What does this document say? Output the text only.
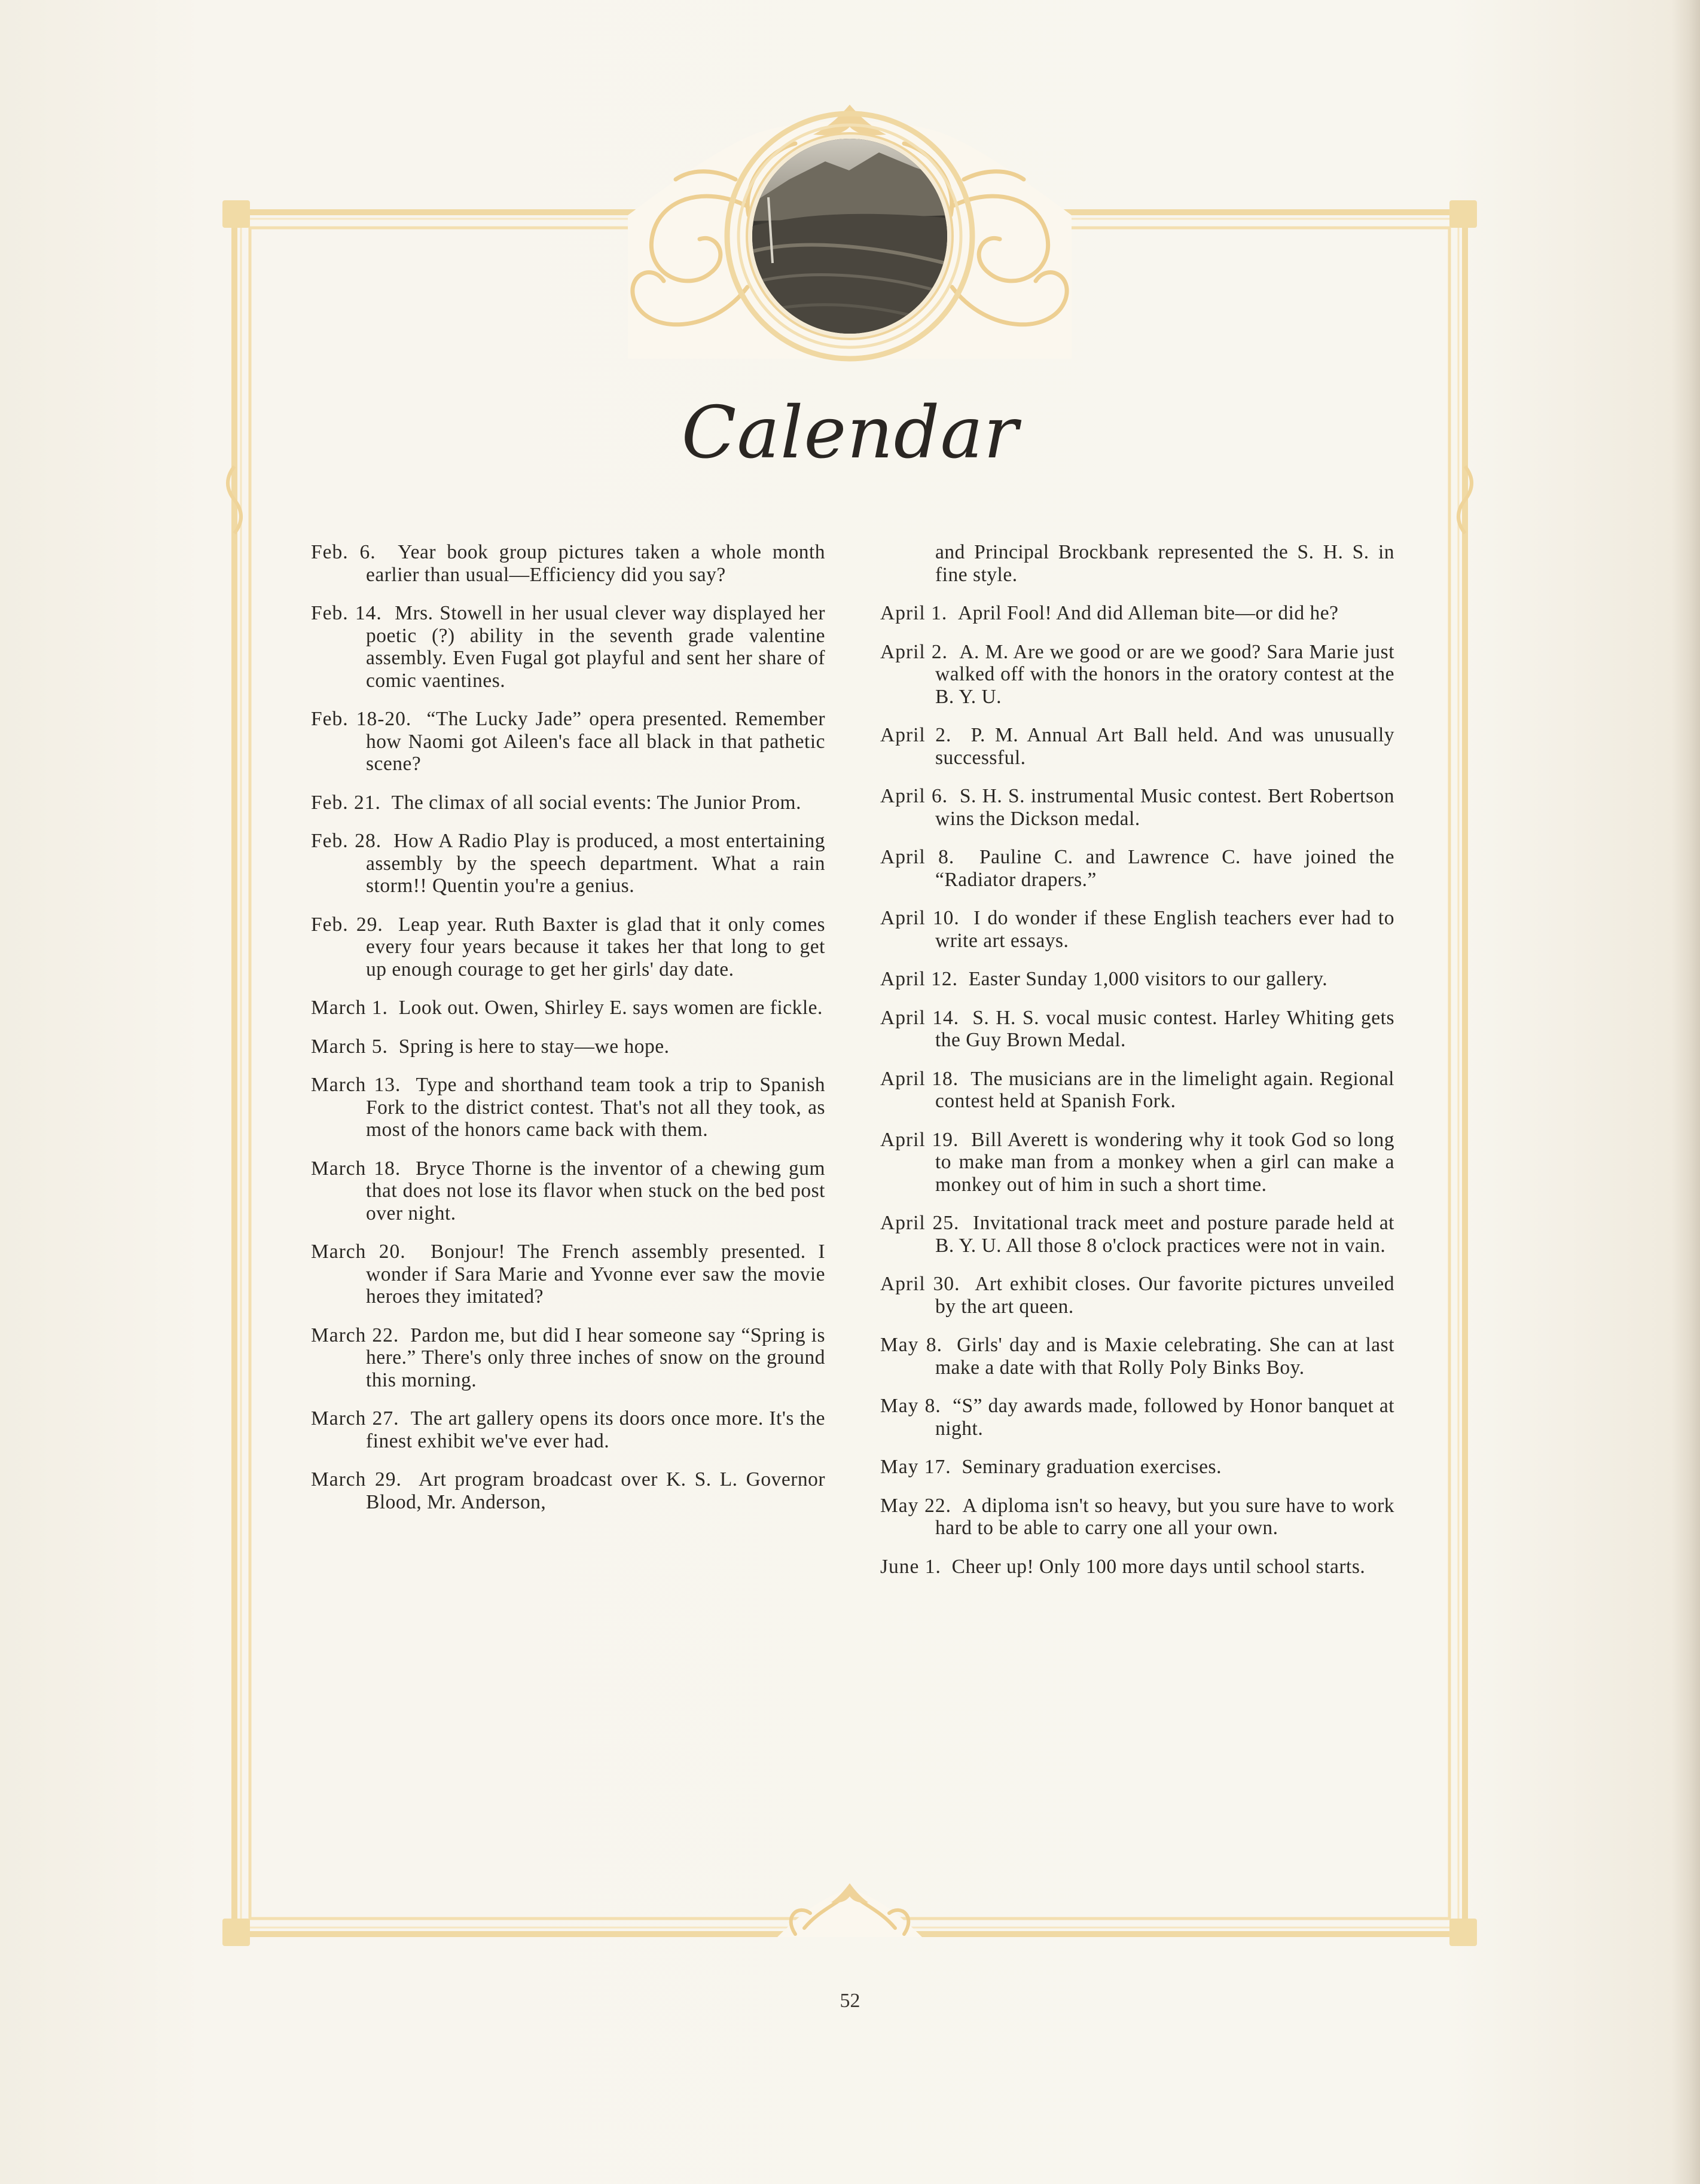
Calendar

Feb. 6. Year book group pictures taken a whole month earlier than usual—Efficiency did you say?

Feb. 14. Mrs. Stowell in her usual clever way displayed her poetic (?) ability in the seventh grade valentine assembly. Even Fugal got playful and sent her share of comic vaentines.

Feb. 18-20. “The Lucky Jade” opera presented. Remember how Naomi got Aileen's face all black in that pathetic scene?

Feb. 21. The climax of all social events: The Junior Prom.

Feb. 28. How A Radio Play is produced, a most entertaining assembly by the speech department. What a rain storm!! Quentin you're a genius.

Feb. 29. Leap year. Ruth Baxter is glad that it only comes every four years because it takes her that long to get up enough courage to get her girls' day date.

March 1. Look out. Owen, Shirley E. says women are fickle.

March 5. Spring is here to stay—we hope.

March 13. Type and shorthand team took a trip to Spanish Fork to the district contest. That's not all they took, as most of the honors came back with them.

March 18. Bryce Thorne is the inventor of a chewing gum that does not lose its flavor when stuck on the bed post over night.

March 20. Bonjour! The French assembly presented. I wonder if Sara Marie and Yvonne ever saw the movie heroes they imitated?

March 22. Pardon me, but did I hear someone say “Spring is here.” There's only three inches of snow on the ground this morning.

March 27. The art gallery opens its doors once more. It's the finest exhibit we've ever had.

March 29. Art program broadcast over K. S. L. Governor Blood, Mr. Anderson,

and Principal Brockbank represented the S. H. S. in fine style.

April 1. April Fool! And did Alleman bite—or did he?

April 2. A. M. Are we good or are we good? Sara Marie just walked off with the honors in the oratory contest at the B. Y. U.

April 2. P. M. Annual Art Ball held. And was unusually successful.

April 6. S. H. S. instrumental Music contest. Bert Robertson wins the Dickson medal.

April 8. Pauline C. and Lawrence C. have joined the “Radiator drapers.”

April 10. I do wonder if these English teachers ever had to write art essays.

April 12. Easter Sunday 1,000 visitors to our gallery.

April 14. S. H. S. vocal music contest. Harley Whiting gets the Guy Brown Medal.

April 18. The musicians are in the limelight again. Regional contest held at Spanish Fork.

April 19. Bill Averett is wondering why it took God so long to make man from a monkey when a girl can make a monkey out of him in such a short time.

April 25. Invitational track meet and posture parade held at B. Y. U. All those 8 o'clock practices were not in vain.

April 30. Art exhibit closes. Our favorite pictures unveiled by the art queen.

May 8. Girls' day and is Maxie celebrating. She can at last make a date with that Rolly Poly Binks Boy.

May 8. “S” day awards made, followed by Honor banquet at night.

May 17. Seminary graduation exercises.

May 22. A diploma isn't so heavy, but you sure have to work hard to be able to carry one all your own.

June 1. Cheer up! Only 100 more days until school starts.

52
